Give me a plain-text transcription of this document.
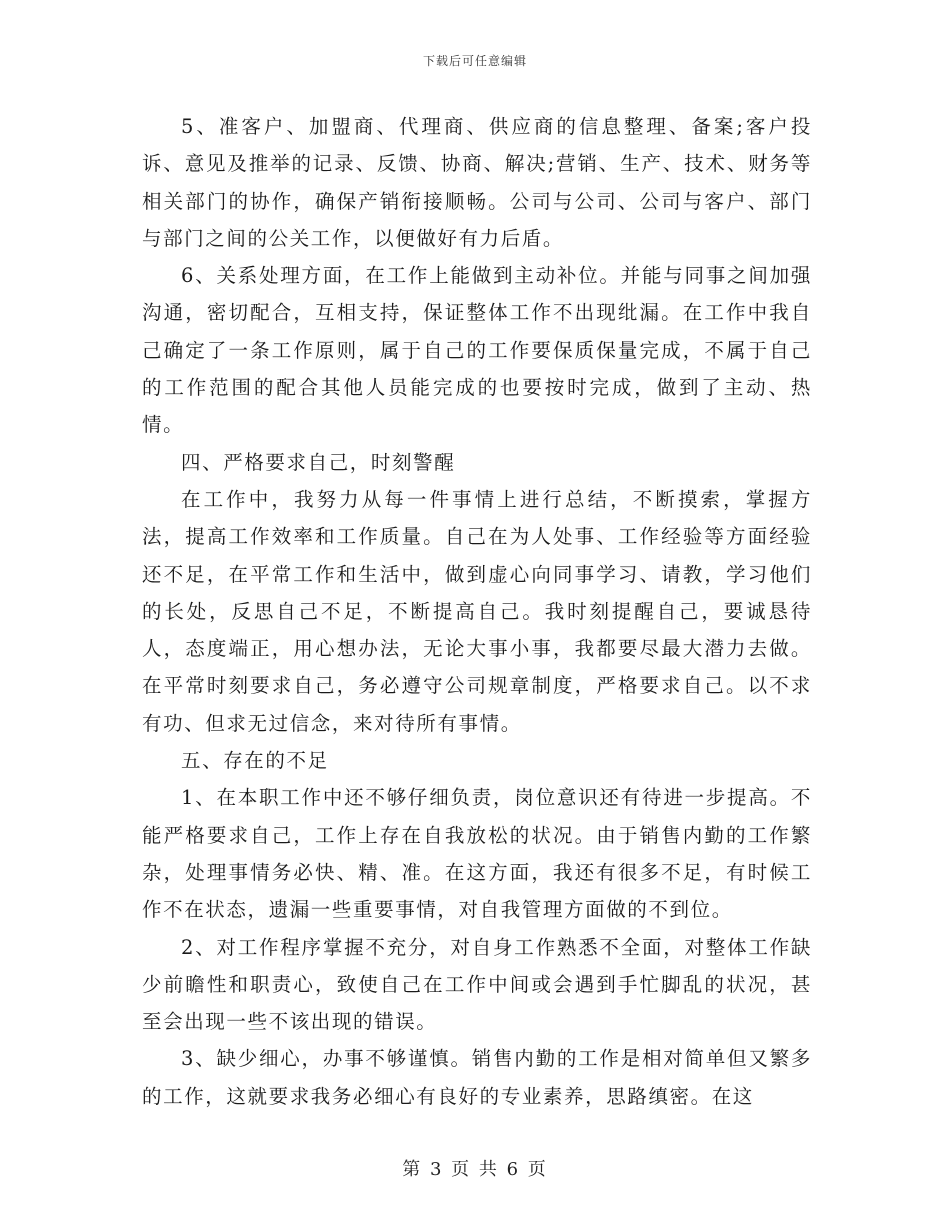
下载后可任意编辑

5、准客户、加盟商、代理商、供应商的信息整理、备案;客户投诉、意见及推举的记录、反馈、协商、解决;营销、生产、技术、财务等相关部门的协作，确保产销衔接顺畅。公司与公司、公司与客户、部门与部门之间的公关工作，以便做好有力后盾。

6、关系处理方面，在工作上能做到主动补位。并能与同事之间加强沟通，密切配合，互相支持，保证整体工作不出现纰漏。在工作中我自己确定了一条工作原则，属于自己的工作要保质保量完成，不属于自己的工作范围的配合其他人员能完成的也要按时完成，做到了主动、热情。

四、严格要求自己，时刻警醒

在工作中，我努力从每一件事情上进行总结，不断摸索，掌握方法，提高工作效率和工作质量。自己在为人处事、工作经验等方面经验还不足，在平常工作和生活中，做到虚心向同事学习、请教，学习他们的长处，反思自己不足，不断提高自己。我时刻提醒自己，要诚恳待人，态度端正，用心想办法，无论大事小事，我都要尽最大潜力去做。在平常时刻要求自己，务必遵守公司规章制度，严格要求自己。以不求有功、但求无过信念，来对待所有事情。

五、存在的不足

1、在本职工作中还不够仔细负责，岗位意识还有待进一步提高。不能严格要求自己，工作上存在自我放松的状况。由于销售内勤的工作繁杂，处理事情务必快、精、准。在这方面，我还有很多不足，有时候工作不在状态，遗漏一些重要事情，对自我管理方面做的不到位。

2、对工作程序掌握不充分，对自身工作熟悉不全面，对整体工作缺少前瞻性和职责心，致使自己在工作中间或会遇到手忙脚乱的状况，甚至会出现一些不该出现的错误。

3、缺少细心，办事不够谨慎。销售内勤的工作是相对简单但又繁多的工作，这就要求我务必细心有良好的专业素养，思路缜密。在这

第 3 页 共 6 页
